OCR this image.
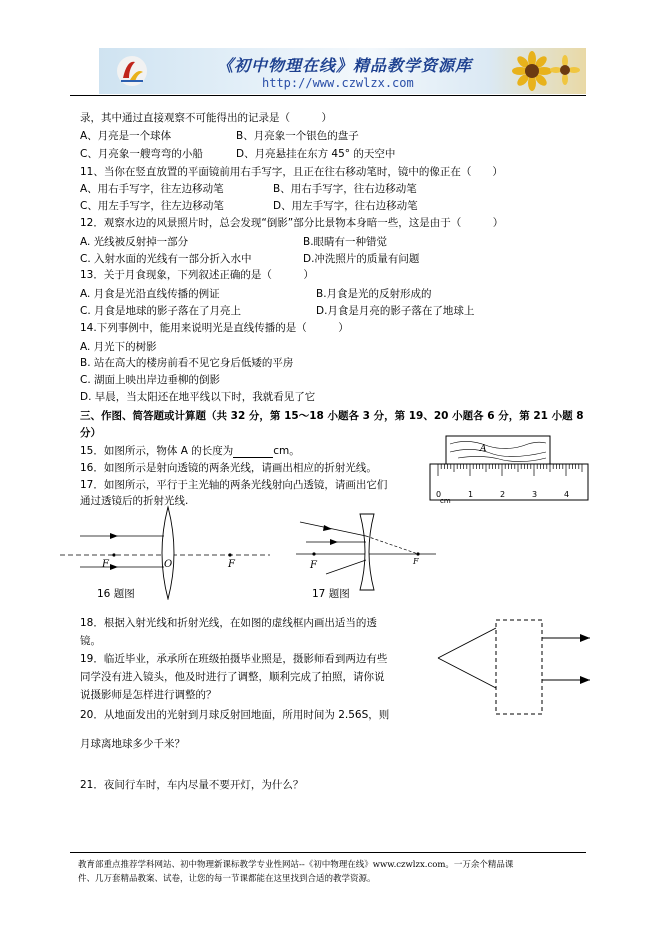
《初中物理在线》精品教学资源库
http://www.czwlzx.com
录，其中通过直接观察不可能得出的记录是（　　　）
A、月亮是一个球体	B、月亮象一个银色的盘子
C、月亮象一艘弯弯的小船	D、月亮悬挂在东方 45° 的天空中
11、当你在竖直放置的平面镜前用右手写字，且正在往右移动笔时，镜中的像正在（　　）
A、用右手写字，往左边移动笔	B、用右手写字，往右边移动笔
C、用左手写字，往左边移动笔	D、用左手写字，往右边移动笔
12．观察水边的风景照片时，总会发现“倒影”部分比景物本身暗一些，这是由于（　　　）
A. 光线被反射掉一部分	B.眼睛有一种错觉
C. 入射水面的光线有一部分折入水中	D.冲洗照片的质量有问题
13．关于月食现象，下列叙述正确的是（　　　）
A. 月食是光沿直线传播的例证	B.月食是光的反射形成的
C. 月食是地球的影子落在了月亮上	D.月食是月亮的影子落在了地球上
14.下列事例中，能用来说明光是直线传播的是（　　　）
A. 月光下的树影
B. 站在高大的楼房前看不见它身后低矮的平房
C. 湖面上映出岸边垂柳的倒影
D. 早晨，当太阳还在地平线以下时，我就看见了它
三、作图、简答题或计算题（共 32 分，第 15～18 小题各 3 分，第 19、20 小题各 6 分，第 21 小题 8
分）
15．如图所示，物体 A 的长度为	cm。
16．如图所示是射向透镜的两条光线，请画出相应的折射光线。
17．如图所示，平行于主光轴的两条光线射向凸透镜，请画出它们
通过透镜后的折射光线.
A
0	1	2	3	4
cm
F	O	F
16 题图
F	F
17 题图
18．根据入射光线和折射光线，在如图的虚线框内画出适当的透
镜。
19．临近毕业，承承所在班级拍摄毕业照是，摄影师看到两边有些
同学没有进入镜头，他及时进行了调整，顺利完成了拍照，请你说
说摄影师是怎样进行调整的？
20．从地面发出的光射到月球反射回地面，所用时间为 2.56S，则
月球离地球多少千米？
21．夜间行车时，车内尽量不要开灯，为什么？
教育部重点推荐学科网站、初中物理新课标教学专业性网站--《初中物理在线》www.czwlzx.com。一万余个精品课
件、几万套精品教案、试卷，让您的每一节课都能在这里找到合适的教学资源。
